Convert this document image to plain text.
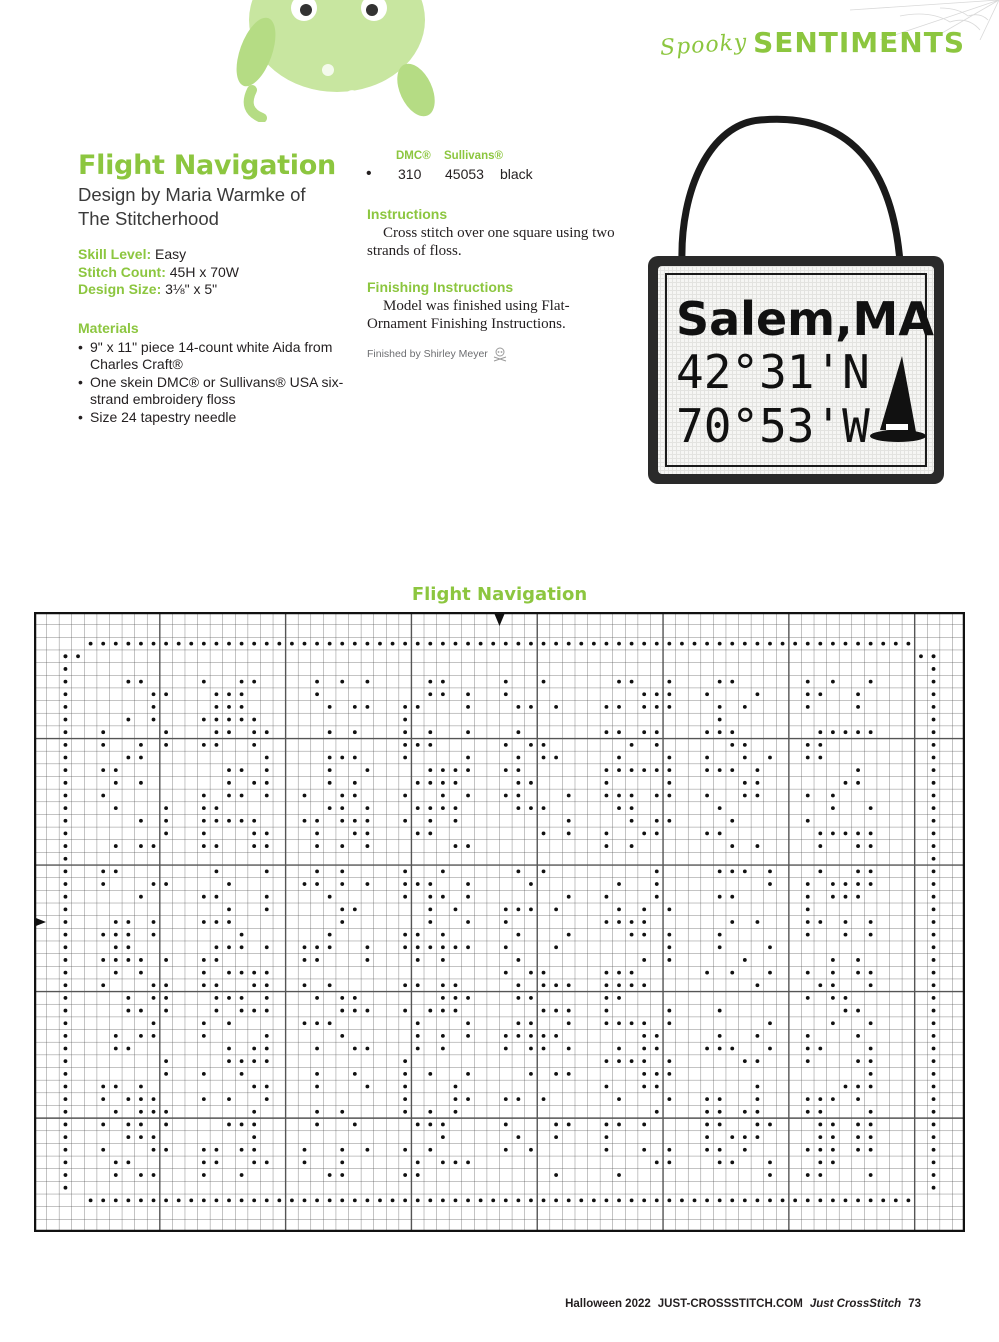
Spooky SENTIMENTS
Flight Navigation
Design by Maria Warmke of
The Stitcherhood
Skill Level: Easy
Stitch Count: 45H x 70W
Design Size: 3⅛" x 5"
Materials
• 9" x 11" piece 14-count white Aida from Charles Craft®
• One skein DMC® or Sullivans® USA six-strand embroidery floss
• Size 24 tapestry needle
DMC®	Sullivans®
•	310	45053	black
Instructions

Cross stitch over one square using two strands of floss.

Finishing Instructions

Model was finished using Flat-Ornament Finishing Instructions.

Finished by Shirley Meyer
Salem,MA
42°31'N
70°53'W
Flight Navigation
Halloween 2022 JUST-CROSSSTITCH.COM Just CrossStitch 73
